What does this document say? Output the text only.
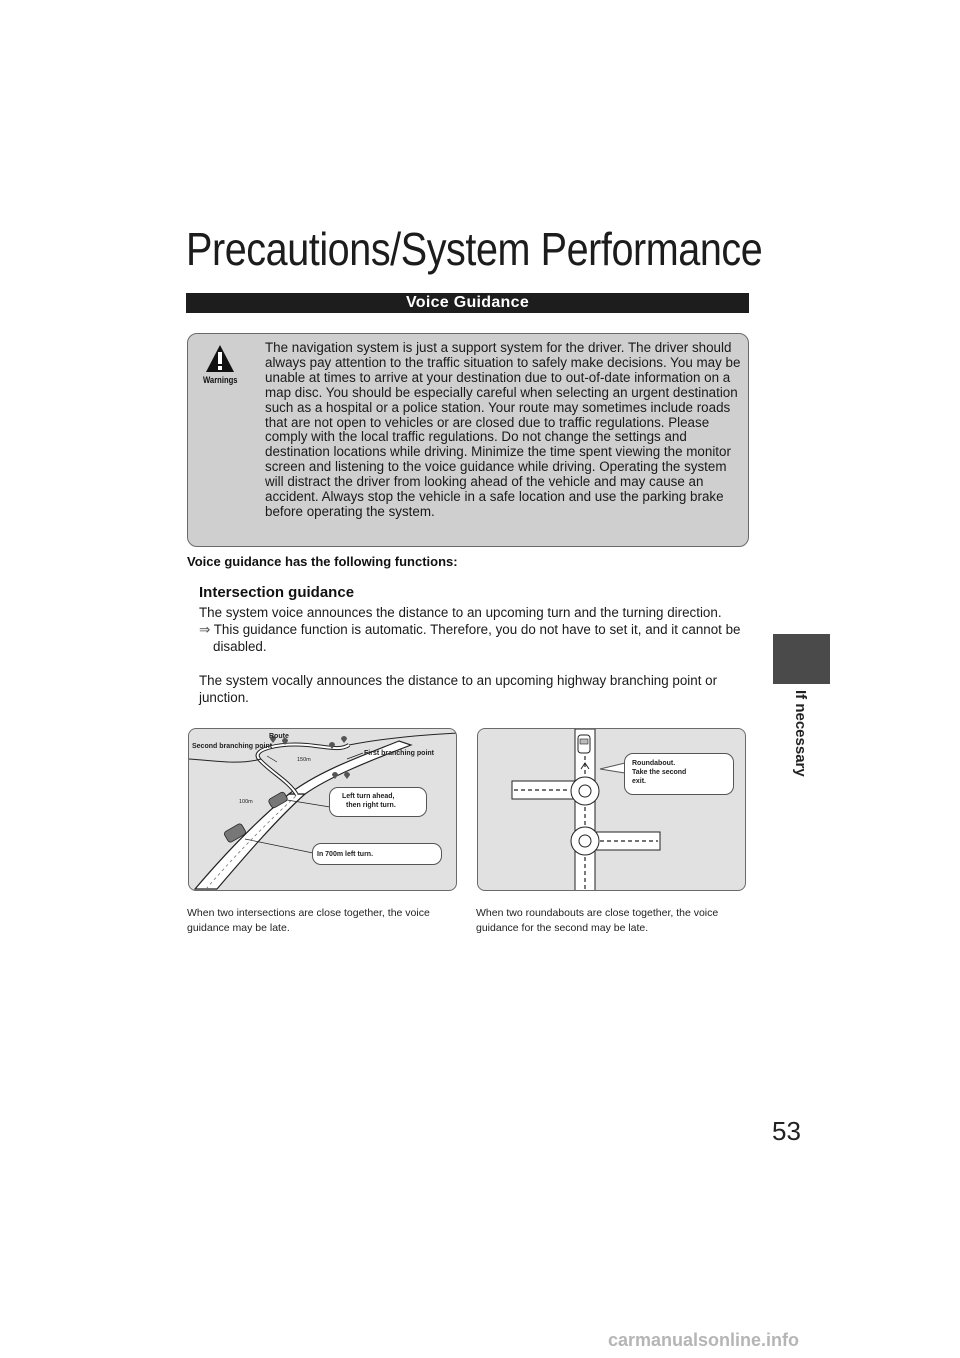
Precautions/System Performance
Voice Guidance
If necessary
53
Warnings
The navigation system is just a support system for the driver. The driver should always pay attention to the traffic situation to safely make decisions. You may be unable at times to arrive at your destination due to out-of-date information on a map disc. You should be especially careful when selecting an urgent destination such as a hospital or a police station. Your route may sometimes include roads that are not open to vehicles or are closed due to traffic regulations. Please comply with the local traffic regulations. Do not change the settings and destination locations while driving. Minimize the time spent viewing the monitor screen and listening to the voice guidance while driving. Operating the system will distract the driver from looking ahead of the vehicle and may cause an accident. Always stop the vehicle in a safe location and use the parking brake before operating the system.
Voice guidance has the following functions:
Intersection guidance
The system voice announces the distance to an upcoming turn and the turning direction.
⇒ This guidance function is automatic. Therefore, you do not have to set it, and it cannot be disabled.
The system vocally announces the distance to an upcoming highway branching point or junction.
Route
Second branching point
First branching point
150m
100m
Left turn ahead,
then right turn.
In 700m left turn.
Roundabout.
Take the second
exit.
When two intersections are close together, the voice guidance may be late.
When two roundabouts are close together, the voice guidance for the second may be late.
carmanualsonline.info
